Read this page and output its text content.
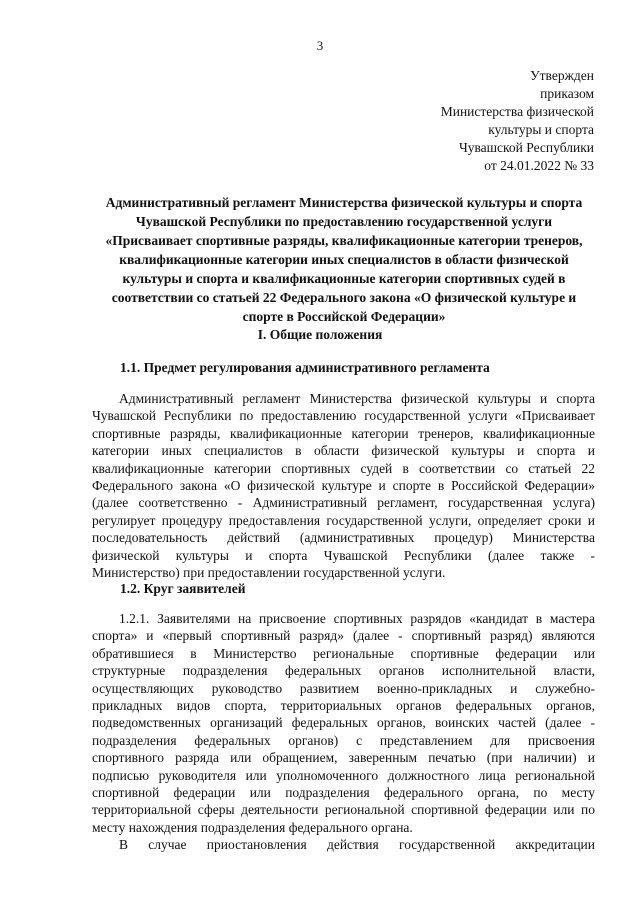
3
Утвержден
приказом
Министерства физической
культуры и спорта
Чувашской Республики
от 24.01.2022 № 33
Административный регламент Министерства физической культуры и спорта
Чувашской Республики по предоставлению государственной услуги
«Присваивает спортивные разряды, квалификационные категории тренеров,
квалификационные категории иных специалистов в области физической
культуры и спорта и квалификационные категории спортивных судей в
соответствии со статьей 22 Федерального закона «О физической культуре и
спорте в Российской Федерации»
I. Общие положения
1.1. Предмет регулирования административного регламента
Административный регламент Министерства физической культуры и спорта
Чувашской Республики по предоставлению государственной услуги «Присваивает
спортивные разряды, квалификационные категории тренеров, квалификационные
категории иных специалистов в области физической культуры и спорта и
квалификационные категории спортивных судей в соответствии со статьей 22
Федерального закона «О физической культуре и спорте в Российской Федерации»
(далее соответственно - Административный регламент, государственная услуга)
регулирует процедуру предоставления государственной услуги, определяет сроки и
последовательность действий (административных процедур) Министерства
физической культуры и спорта Чувашской Республики (далее также -
Министерство) при предоставлении государственной услуги.
1.2. Круг заявителей
1.2.1. Заявителями на присвоение спортивных разрядов «кандидат в мастера
спорта» и «первый спортивный разряд» (далее - спортивный разряд) являются
обратившиеся в Министерство региональные спортивные федерации или
структурные подразделения федеральных органов исполнительной власти,
осуществляющих руководство развитием военно-прикладных и служебно-
прикладных видов спорта, территориальных органов федеральных органов,
подведомственных организаций федеральных органов, воинских частей (далее -
подразделения федеральных органов) с представлением для присвоения
спортивного разряда или обращением, заверенным печатью (при наличии) и
подписью руководителя или уполномоченного должностного лица региональной
спортивной федерации или подразделения федерального органа, по месту
территориальной сферы деятельности региональной спортивной федерации или по
месту нахождения подразделения федерального органа.
В случае приостановления действия государственной аккредитации
